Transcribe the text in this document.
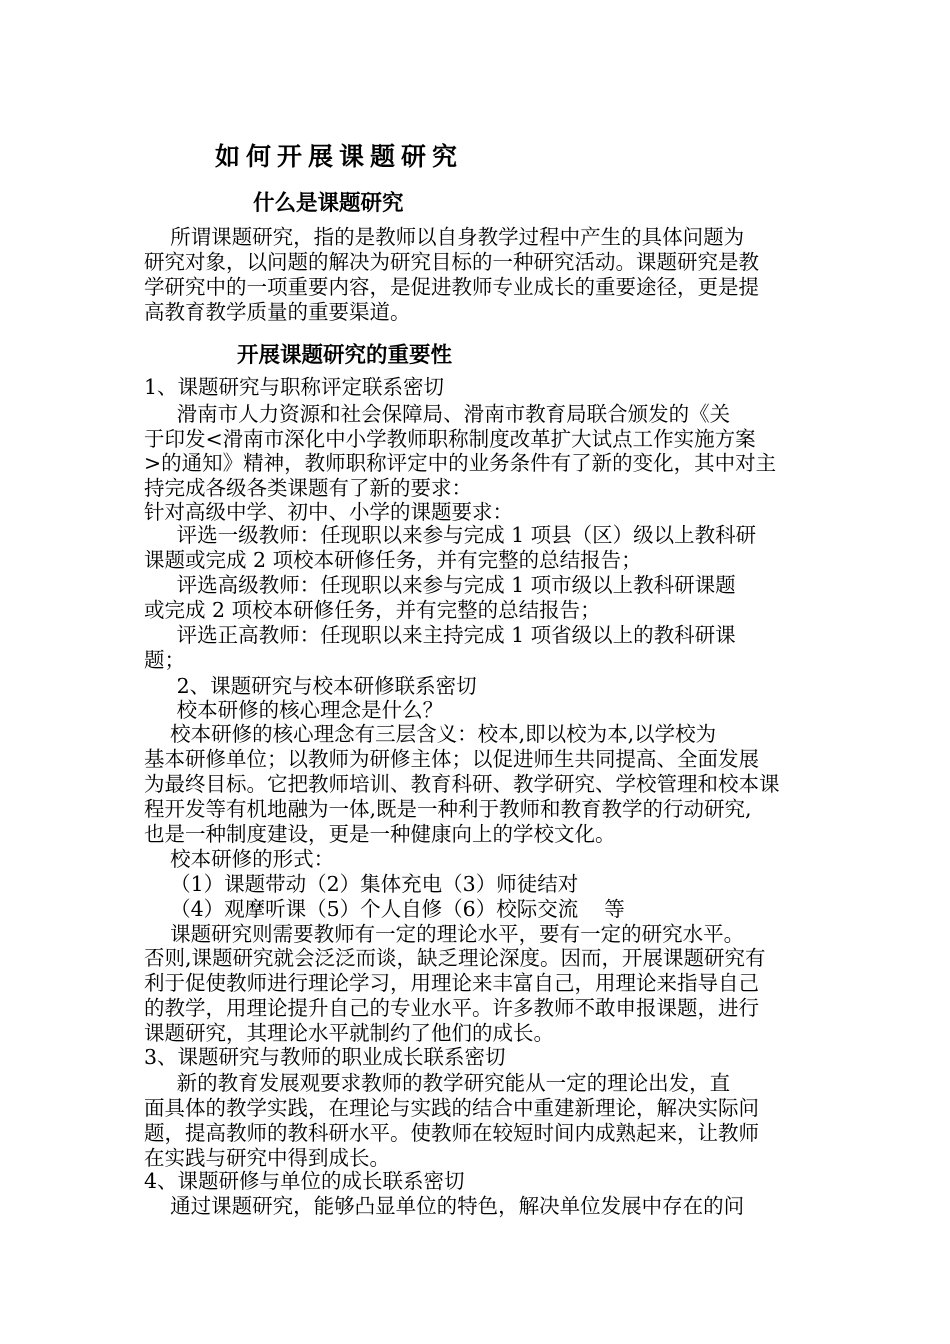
如何开展课题研究
什么是课题研究

所谓课题研究，指的是教师以自身教学过程中产生的具体问题为

研究对象，以问题的解决为研究目标的一种研究活动。课题研究是教

学研究中的一项重要内容，是促进教师专业成长的重要途径，更是提

高教育教学质量的重要渠道。

开展课题研究的重要性

1、课题研究与职称评定联系密切

滑南市人力资源和社会保障局、滑南市教育局联合颁发的《关

于印发<滑南市深化中小学教师职称制度改革扩大试点工作实施方案

>的通知》精神，教师职称评定中的业务条件有了新的变化，其中对主

持完成各级各类课题有了新的要求：

针对高级中学、初中、小学的课题要求：

评选一级教师：任现职以来参与完成 1 项县（区）级以上教科研

课题或完成 2 项校本研修任务，并有完整的总结报告；

评选高级教师：任现职以来参与完成 1 项市级以上教科研课题

或完成 2 项校本研修任务，并有完整的总结报告；

评选正高教师：任现职以来主持完成 1 项省级以上的教科研课

题；

2、课题研究与校本研修联系密切

校本研修的核心理念是什么？

校本研修的核心理念有三层含义：校本,即以校为本,以学校为

基本研修单位；以教师为研修主体；以促进师生共同提高、全面发展

为最终目标。它把教师培训、教育科研、教学研究、学校管理和校本课

程开发等有机地融为一体,既是一种利于教师和教育教学的行动研究,

也是一种制度建设，更是一种健康向上的学校文化。

校本研修的形式：

（1）课题带动（2）集体充电（3）师徒结对

（4）观摩听课（5）个人自修（6）校际交流    等

课题研究则需要教师有一定的理论水平，要有一定的研究水平。

否则,课题研究就会泛泛而谈，缺乏理论深度。因而，开展课题研究有

利于促使教师进行理论学习，用理论来丰富自己，用理论来指导自己

的教学，用理论提升自己的专业水平。许多教师不敢申报课题，进行

课题研究，其理论水平就制约了他们的成长。

3、课题研究与教师的职业成长联系密切

新的教育发展观要求教师的教学研究能从一定的理论出发，直

面具体的教学实践，在理论与实践的结合中重建新理论，解决实际问

题，提高教师的教科研水平。使教师在较短时间内成熟起来，让教师

在实践与研究中得到成长。

4、课题研修与单位的成长联系密切

通过课题研究，能够凸显单位的特色，解决单位发展中存在的问
